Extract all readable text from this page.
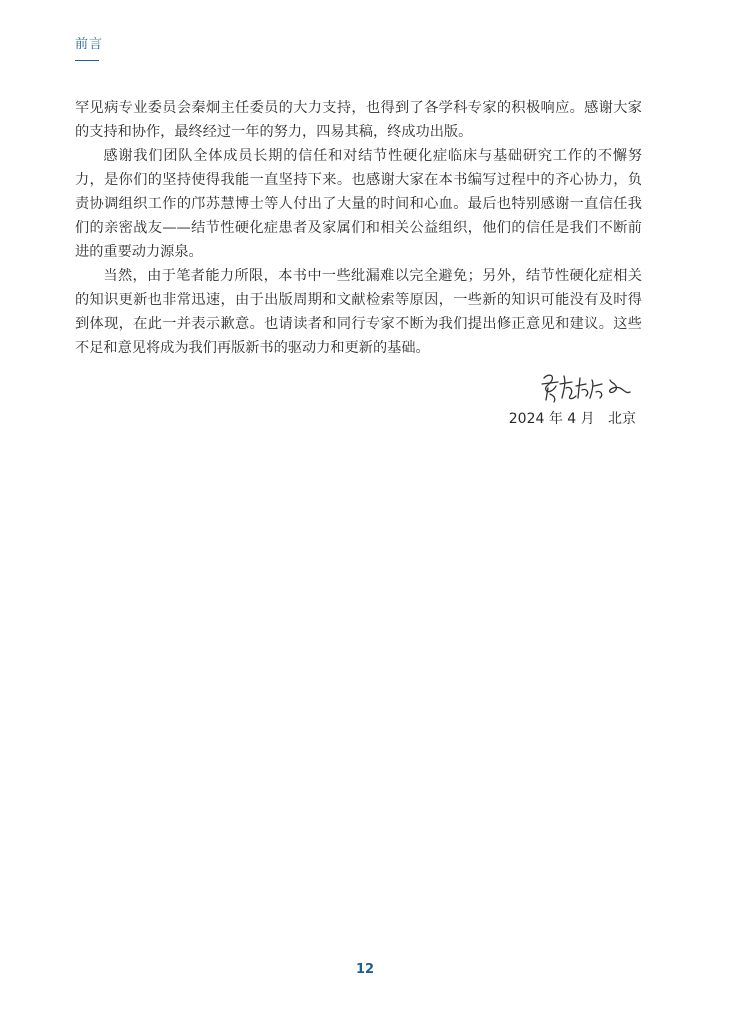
前言

罕见病专业委员会秦炯主任委员的大力支持，也得到了各学科专家的积极响应。感谢大家的支持和协作，最终经过一年的努力，四易其稿，终成功出版。

感谢我们团队全体成员长期的信任和对结节性硬化症临床与基础研究工作的不懈努力，是你们的坚持使得我能一直坚持下来。也感谢大家在本书编写过程中的齐心协力，负责协调组织工作的邝苏慧博士等人付出了大量的时间和心血。最后也特别感谢一直信任我们的亲密战友——结节性硬化症患者及家属们和相关公益组织，他们的信任是我们不断前进的重要动力源泉。

当然，由于笔者能力所限，本书中一些纰漏难以完全避免；另外，结节性硬化症相关的知识更新也非常迅速，由于出版周期和文献检索等原因，一些新的知识可能没有及时得到体现，在此一并表示歉意。也请读者和同行专家不断为我们提出修正意见和建议。这些不足和意见将成为我们再版新书的驱动力和更新的基础。

2024 年 4 月   北京
12
